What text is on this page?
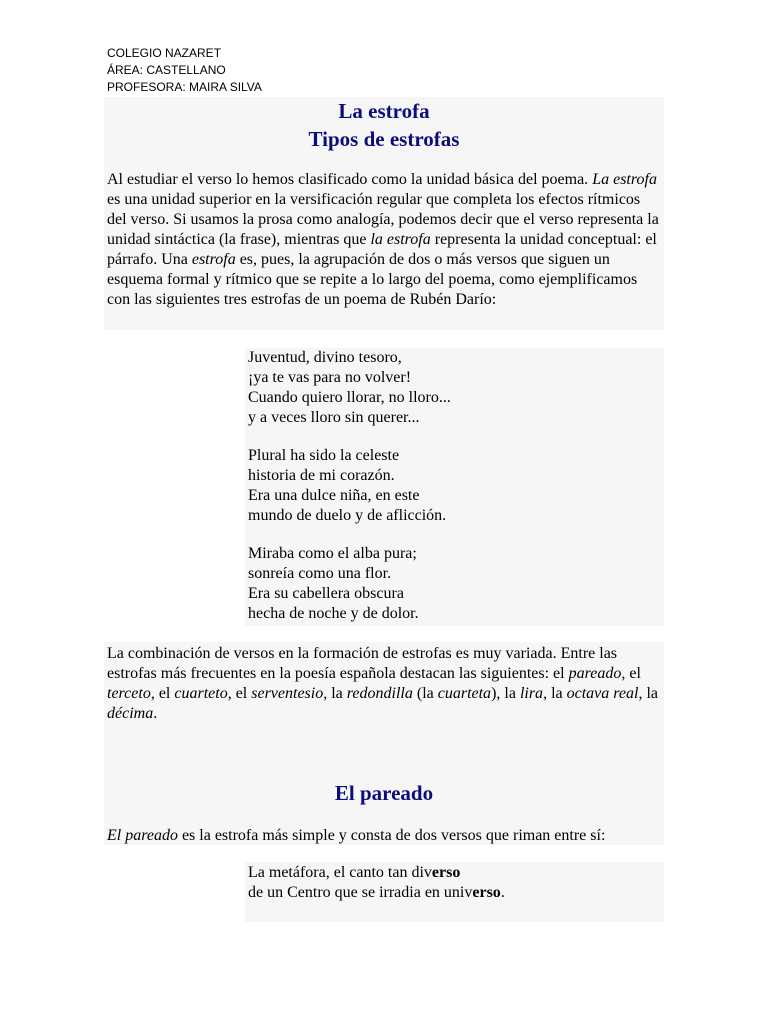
COLEGIO NAZARET
ÁREA: CASTELLANO
PROFESORA: MAIRA SILVA
La estrofa
Tipos de estrofas

Al estudiar el verso lo hemos clasificado como la unidad básica del poema. La estrofa es una unidad superior en la versificación regular que completa los efectos rítmicos del verso. Si usamos la prosa como analogía, podemos decir que el verso representa la unidad sintáctica (la frase), mientras que la estrofa representa la unidad conceptual: el párrafo. Una estrofa es, pues, la agrupación de dos o más versos que siguen un esquema formal y rítmico que se repite a lo largo del poema, como ejemplificamos con las siguientes tres estrofas de un poema de Rubén Darío:

Juventud, divino tesoro,
¡ya te vas para no volver!
Cuando quiero llorar, no lloro...
y a veces lloro sin querer...
Plural ha sido la celeste
historia de mi corazón.
Era una dulce niña, en este
mundo de duelo y de aflicción.
Miraba como el alba pura;
sonreía como una flor.
Era su cabellera obscura
hecha de noche y de dolor.

La combinación de versos en la formación de estrofas es muy variada. Entre las estrofas más frecuentes en la poesía española destacan las siguientes: el pareado, el terceto, el cuarteto, el serventesio, la redondilla (la cuarteta), la lira, la octava real, la décima.

El pareado

El pareado es la estrofa más simple y consta de dos versos que riman entre sí:

La metáfora, el canto tan diverso
de un Centro que se irradia en universo.
